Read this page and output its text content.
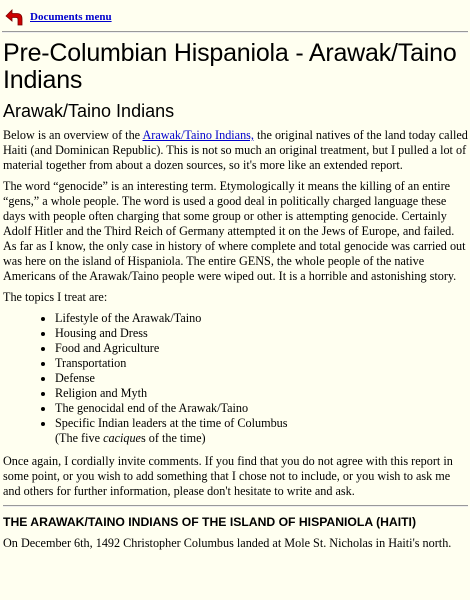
Documents menu
Pre-Columbian Hispaniola - Arawak/Taino Indians
Arawak/Taino Indians

Below is an overview of the Arawak/Taino Indians, the original natives of the land today called Haiti (and Dominican Republic). This is not so much an original treatment, but I pulled a lot of material together from about a dozen sources, so it's more like an extended report.

The word “genocide” is an interesting term. Etymologically it means the killing of an entire “gens,” a whole people. The word is used a good deal in politically charged language these days with people often charging that some group or other is attempting genocide. Certainly Adolf Hitler and the Third Reich of Germany attempted it on the Jews of Europe, and failed. As far as I know, the only case in history of where complete and total genocide was carried out was here on the island of Hispaniola. The entire GENS, the whole people of the native Americans of the Arawak/Taino people were wiped out. It is a horrible and astonishing story.

The topics I treat are:

• Lifestyle of the Arawak/Taino
• Housing and Dress
• Food and Agriculture
• Transportation
• Defense
• Religion and Myth
• The genocidal end of the Arawak/Taino
• Specific Indian leaders at the time of Columbus
(The five caciques of the time)

Once again, I cordially invite comments. If you find that you do not agree with this report in some point, or you wish to add something that I chose not to include, or you wish to ask me and others for further information, please don't hesitate to write and ask.

THE ARAWAK/TAINO INDIANS OF THE ISLAND OF HISPANIOLA (HAITI)

On December 6th, 1492 Christopher Columbus landed at Mole St. Nicholas in Haiti's north.
